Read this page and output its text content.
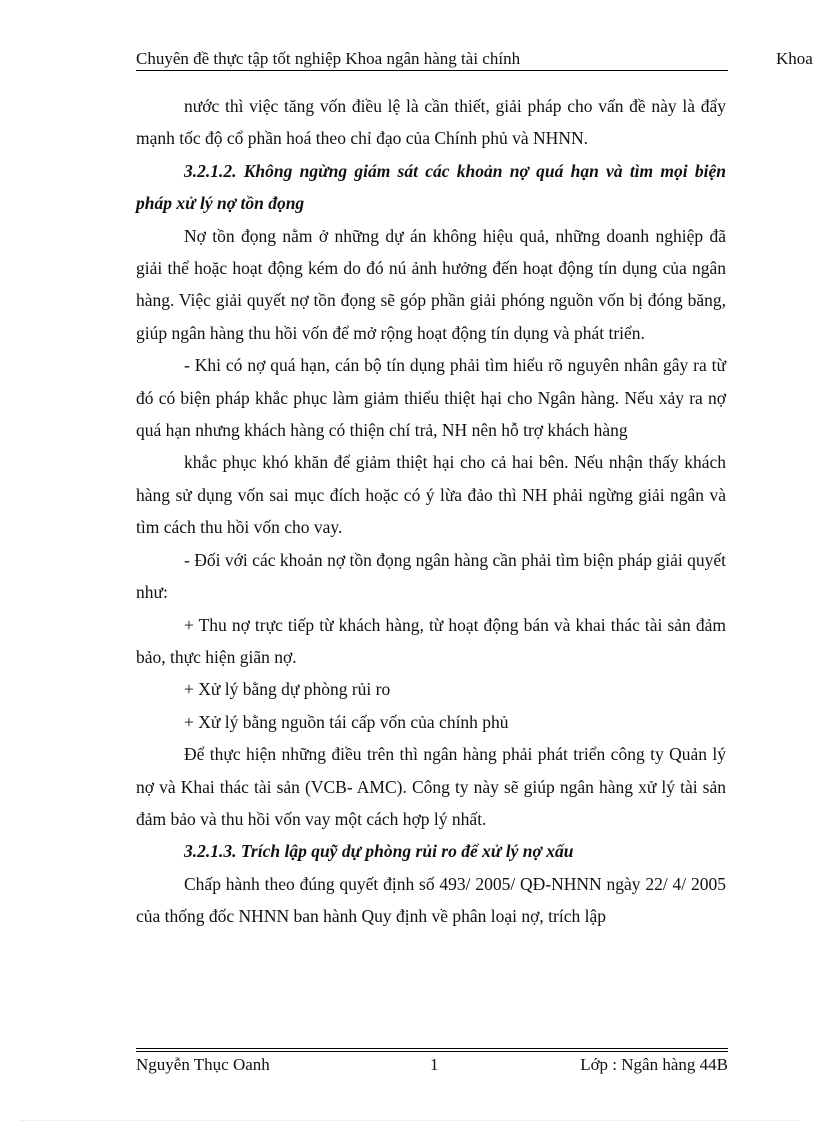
Chuyên đề thực tập tốt nghiệp Khoa ngân hàng tài chính	Khoa

nước thì việc tăng vốn điều lệ là cần thiết, giải pháp cho vấn đề này là đẩy mạnh tốc độ cổ phần hoá theo chỉ đạo của Chính phủ và NHNN.

3.2.1.2. Không ngừng giám sát các khoản nợ quá hạn và tìm mọi biện pháp xử lý nợ tồn đọng

Nợ tồn đọng nằm ở những dự án không hiệu quả, những doanh nghiệp đã giải thể hoặc hoạt động kém do đó nú ảnh hưởng đến hoạt động tín dụng của ngân hàng. Việc giải quyết nợ tồn đọng sẽ góp phần giải phóng nguồn vốn bị đóng băng, giúp ngân hàng thu hồi vốn để mở rộng hoạt động tín dụng và phát triển.

- Khi có nợ quá hạn, cán bộ tín dụng phải tìm hiểu rõ nguyên nhân gây ra từ đó có biện pháp khắc phục làm giảm thiểu thiệt hại cho Ngân hàng. Nếu xảy ra nợ quá hạn nhưng khách hàng có thiện chí trả, NH nên hỗ trợ khách hàng

khắc phục khó khăn để giảm thiệt hại cho cả hai bên. Nếu nhận thấy khách hàng sử dụng vốn sai mục đích hoặc có ý lừa đảo thì NH phải ngừng giải ngân và tìm cách thu hồi vốn cho vay.

- Đối với các khoản nợ tồn đọng ngân hàng cần phải tìm biện pháp giải quyết như:

+ Thu nợ trực tiếp từ khách hàng, từ hoạt động bán và khai thác tài sản đảm bảo, thực hiện giãn nợ.

+ Xử lý bằng dự phòng rủi ro

+ Xử lý bằng nguồn tái cấp vốn của chính phủ

Để thực hiện những điều trên thì ngân hàng phải phát triển công ty Quản lý nợ và Khai thác tài sản (VCB- AMC). Công ty này sẽ giúp ngân hàng xử lý tài sản đảm bảo và thu hồi vốn vay một cách hợp lý nhất.

3.2.1.3. Trích lập quỹ dự phòng rủi ro để xử lý nợ xấu

Chấp hành theo đúng quyết định số 493/ 2005/ QĐ-NHNN ngày 22/ 4/ 2005 của thống đốc NHNN ban hành Quy định về phân loại nợ, trích lập

Nguyễn Thục Oanh	1	Lớp : Ngân hàng 44B
